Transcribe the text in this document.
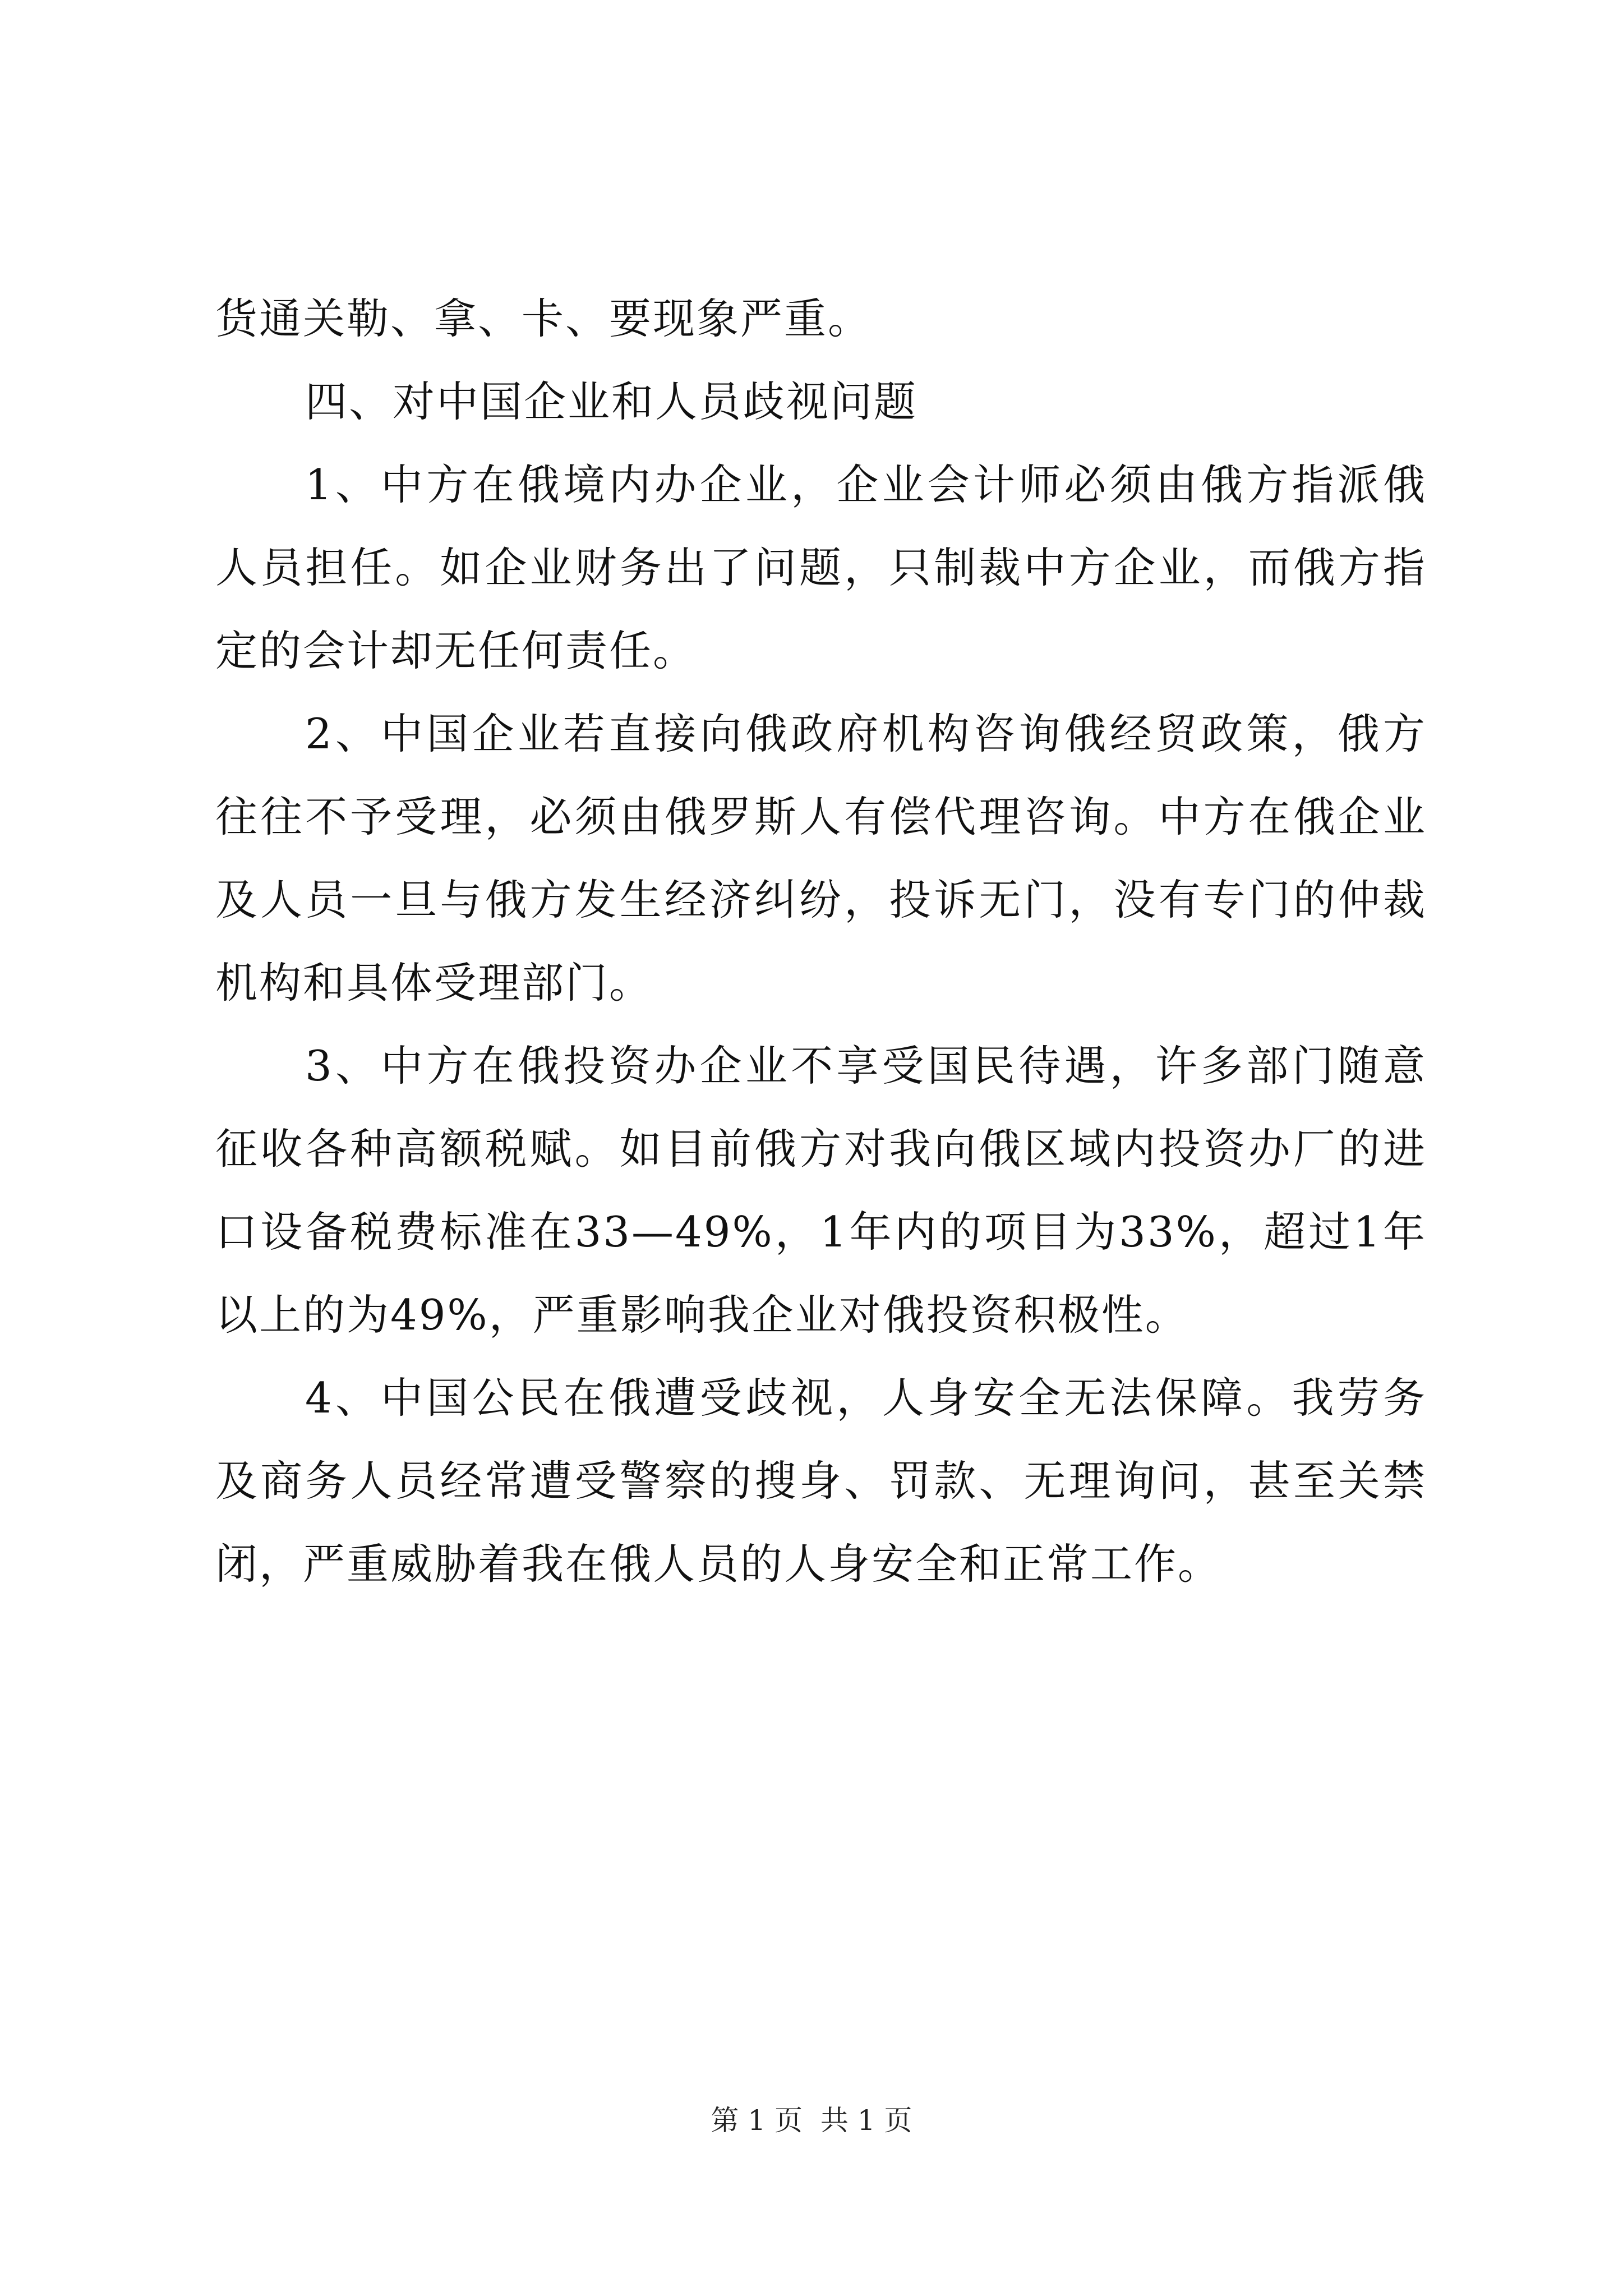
货通关勒、拿、卡、要现象严重。

四、对中国企业和人员歧视问题

1、中方在俄境内办企业，企业会计师必须由俄方指派俄人员担任。如企业财务出了问题，只制裁中方企业，而俄方指定的会计却无任何责任。

2、中国企业若直接向俄政府机构咨询俄经贸政策，俄方往往不予受理，必须由俄罗斯人有偿代理咨询。中方在俄企业及人员一旦与俄方发生经济纠纷，投诉无门，没有专门的仲裁机构和具体受理部门。

3、中方在俄投资办企业不享受国民待遇，许多部门随意征收各种高额税赋。如目前俄方对我向俄区域内投资办厂的进口设备税费标准在33—49%，1年内的项目为33%，超过1年以上的为49%，严重影响我企业对俄投资积极性。

4、中国公民在俄遭受歧视，人身安全无法保障。我劳务及商务人员经常遭受警察的搜身、罚款、无理询问，甚至关禁闭，严重威胁着我在俄人员的人身安全和正常工作。

第 1 页  共 1 页
